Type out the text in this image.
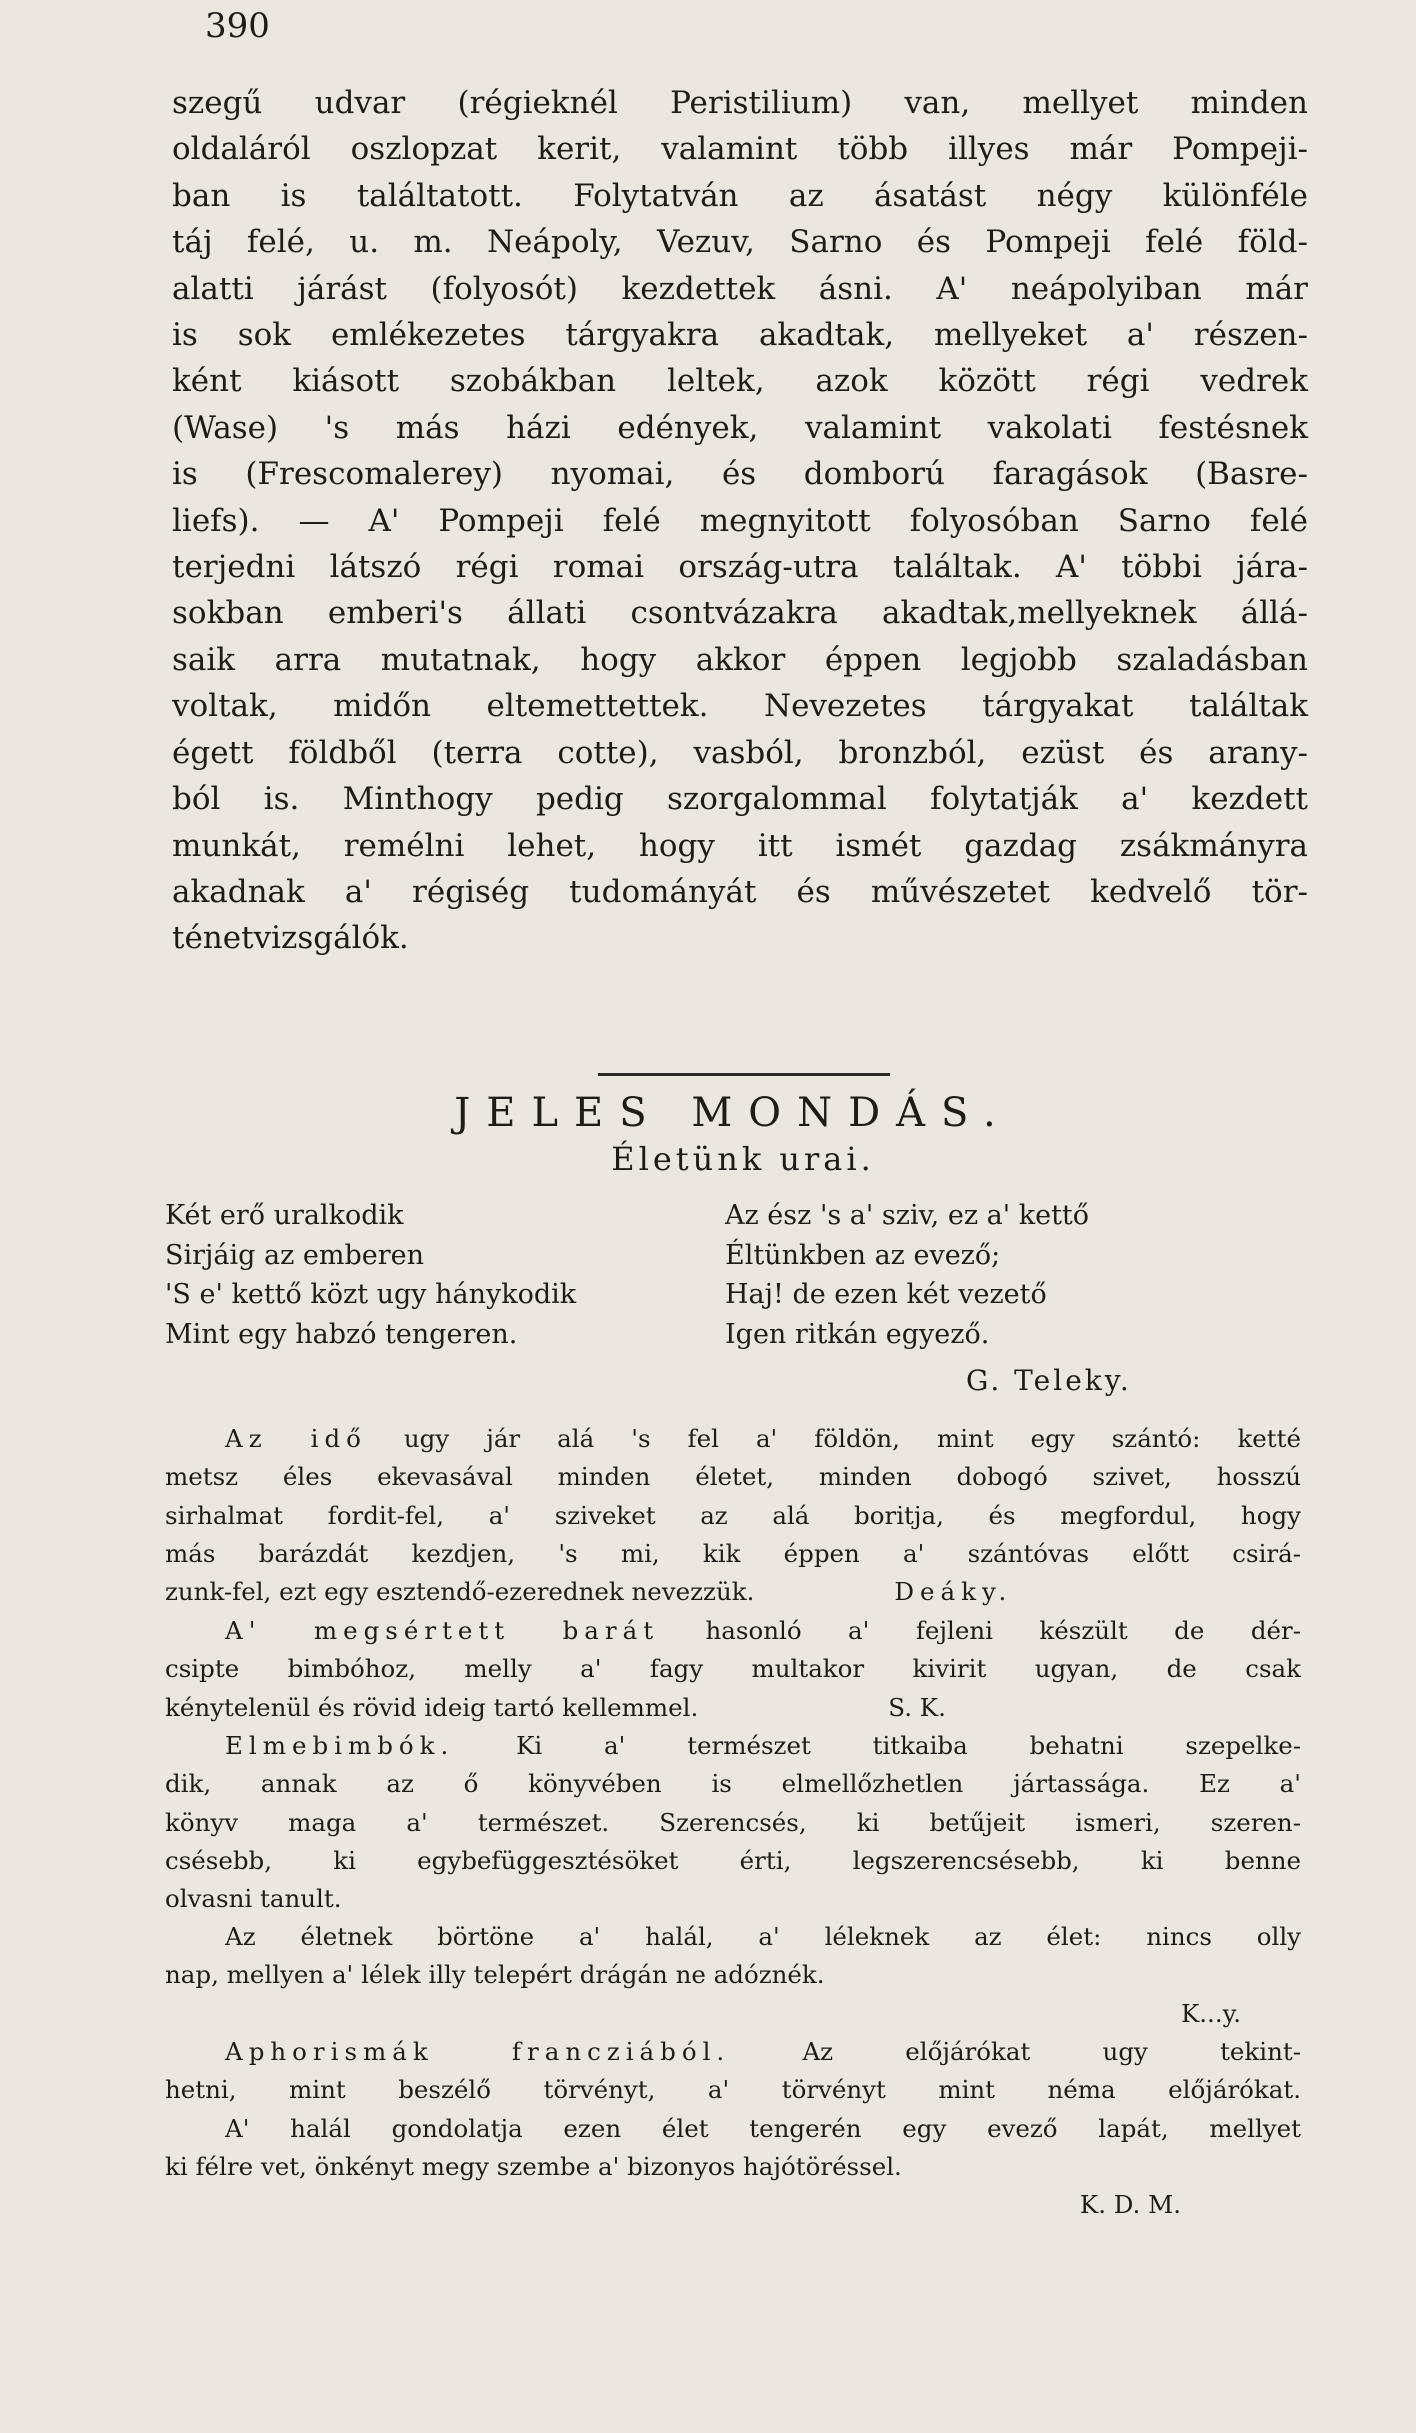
390
szegű udvar (régieknél Peristilium) van, mellyet minden
oldaláról oszlopzat kerit, valamint több illyes már Pompeji-
ban is találtatott. Folytatván az ásatást négy különféle
táj felé, u. m. Neápoly, Vezuv, Sarno és Pompeji felé föld-
alatti járást (folyosót) kezdettek ásni. A' neápolyiban már
is sok emlékezetes tárgyakra akadtak, mellyeket a' részen-
ként kiásott szobákban leltek, azok között régi vedrek
(Wase) 's más házi edények, valamint vakolati festésnek
is (Frescomalerey) nyomai, és domború faragások (Basre-
liefs). — A' Pompeji felé megnyitott folyosóban Sarno felé
terjedni látszó régi romai ország-utra találtak. A' többi jára-
sokban emberi's állati csontvázakra akadtak,mellyeknek állá-
saik arra mutatnak, hogy akkor éppen legjobb szaladásban
voltak, midőn eltemettettek. Nevezetes tárgyakat találtak
égett földből (terra cotte), vasból, bronzból, ezüst és arany-
ból is. Minthogy pedig szorgalommal folytatják a' kezdett
munkát, remélni lehet, hogy itt ismét gazdag zsákmányra
akadnak a' régiség tudományát és művészetet kedvelő tör-
ténetvizsgálók.
JELES MONDÁS.
Életünk urai.
Két erő uralkodik
Sirjáig az emberen
'S e' kettő közt ugy hánykodik
Mint egy habzó tengeren.
Az ész 's a' sziv, ez a' kettő
Éltünkben az evező;
Haj! de ezen két vezető
Igen ritkán egyező.
G. Teleky.
Az idő ugy jár alá 's fel a' földön, mint egy szántó: ketté
metsz éles ekevasával minden életet, minden dobogó szivet, hosszú
sirhalmat fordit-fel, a' sziveket az alá boritja, és megfordul, hogy
más barázdát kezdjen, 's mi, kik éppen a' szántóvas előtt csirá-
zunk-fel, ezt egy esztendő-ezerednek nevezzük.	Deáky.
A' megsértett barát hasonló a' fejleni készült de dér-
csipte bimbóhoz, melly a' fagy multakor kivirit ugyan, de csak
kénytelenül és rövid ideig tartó kellemmel.	S. K.
Elmebimbók. Ki a' természet titkaiba behatni szepelke-
dik, annak az ő könyvében is elmellőzhetlen jártassága. Ez a'
könyv maga a' természet. Szerencsés, ki betűjeit ismeri, szeren-
csésebb, ki egybefüggesztésöket érti, legszerencsésebb, ki benne
olvasni tanult.
Az életnek börtöne a' halál, a' léleknek az élet: nincs olly
nap, mellyen a' lélek illy telepért drágán ne adóznék.
K...y.
Aphorismák francziából. Az előjárókat ugy tekint-
hetni, mint beszélő törvényt, a' törvényt mint néma előjárókat.
A' halál gondolatja ezen élet tengerén egy evező lapát, mellyet
ki félre vet, önkényt megy szembe a' bizonyos hajótöréssel.
K. D. M.
